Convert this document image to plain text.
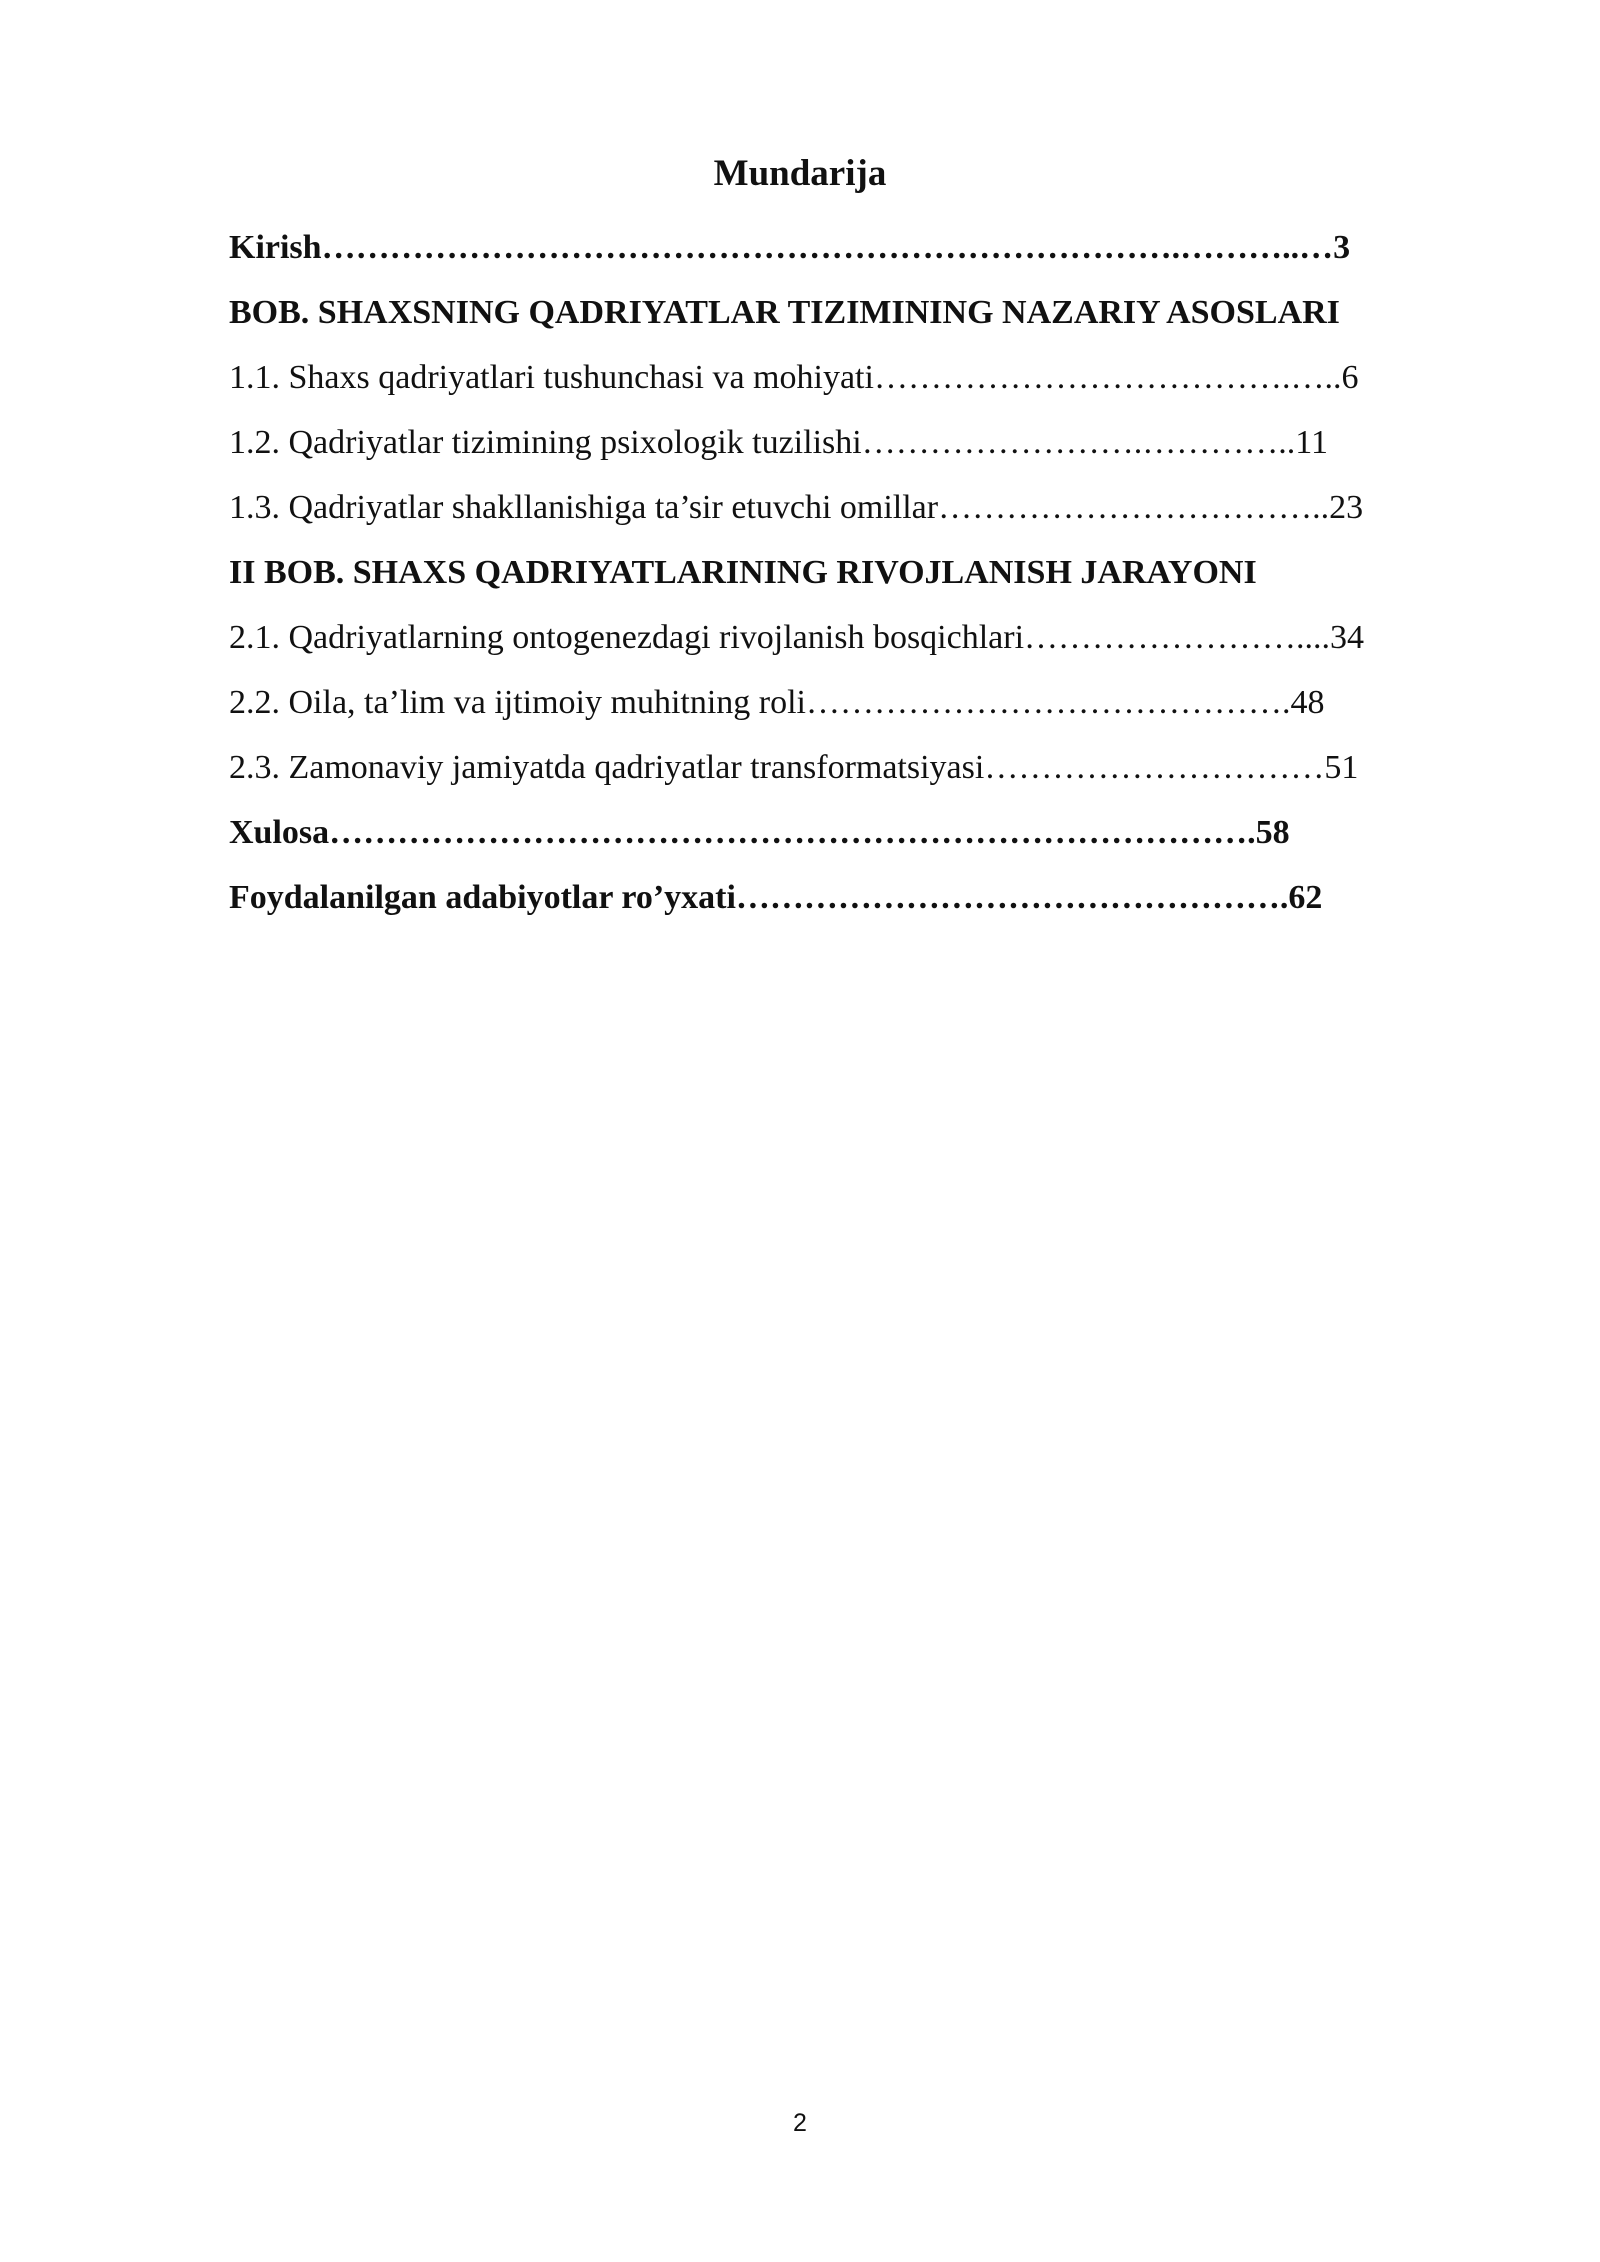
Mundarija
Kirish………………………………………………………………….………..…3
BOB. SHAXSNING QADRIYATLAR TIZIMINING NAZARIY ASOSLARI
1.1. Shaxs qadriyatlari tushunchasi va mohiyati……………………………….…..6
1.2. Qadriyatlar tizimining psixologik tuzilishi…………………….…………..11
1.3. Qadriyatlar shakllanishiga ta’sir etuvchi omillar……………………………..23
II BOB. SHAXS QADRIYATLARINING RIVOJLANISH JARAYONI
2.1. Qadriyatlarning ontogenezdagi rivojlanish bosqichlari……………………....34
2.2. Oila, ta’lim va ijtimoiy muhitning roli…………………………………….48
2.3. Zamonaviy jamiyatda qadriyatlar transformatsiyasi…………………………51
Xulosa……………………………………………………………………….58
Foydalanilgan adabiyotlar ro’yxati………………………………………….62
2
